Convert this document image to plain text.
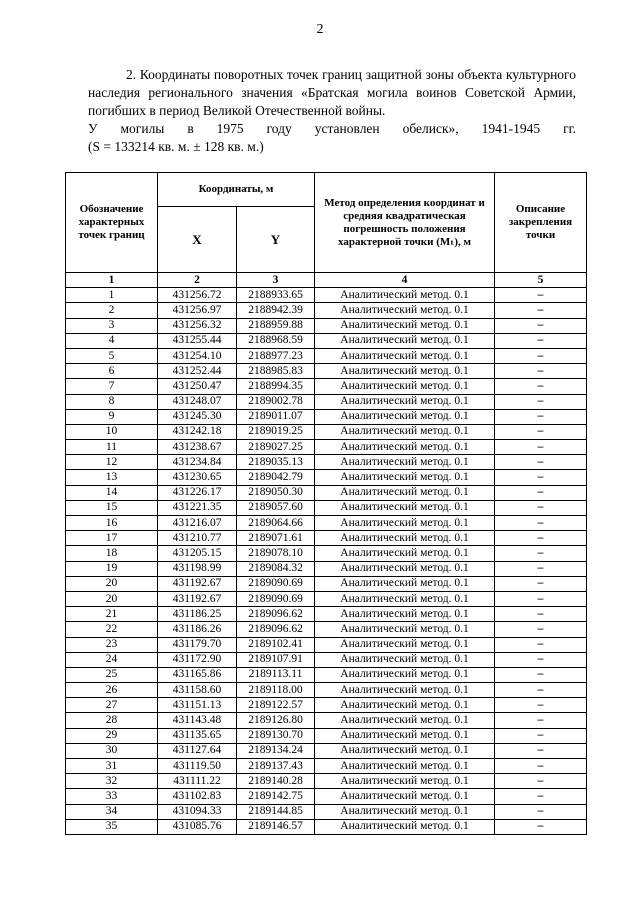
2

2. Координаты поворотных точек границ защитной зоны объекта культурного наследия регионального значения «Братская могила воинов Советской Армии, погибших в период Великой Отечественной войны.

У могилы в 1975 году установлен обелиск», 1941-1945 гг.

(S = 133214 кв. м. ± 128 кв. м.)

Обозначение характерных точек границ	Координаты, м		Метод определения координат и средняя квадратическая погрешность положения характерной точки (Mₜ), м	Описание закрепления точки
	X	Y		
1	2	3	4	5
1	431256.72	2188933.65	Аналитический метод. 0.1	–
2	431256.97	2188942.39	Аналитический метод. 0.1	–
3	431256.32	2188959.88	Аналитический метод. 0.1	–
4	431255.44	2188968.59	Аналитический метод. 0.1	–
5	431254.10	2188977.23	Аналитический метод. 0.1	–
6	431252.44	2188985.83	Аналитический метод. 0.1	–
7	431250.47	2188994.35	Аналитический метод. 0.1	–
8	431248.07	2189002.78	Аналитический метод. 0.1	–
9	431245.30	2189011.07	Аналитический метод. 0.1	–
10	431242.18	2189019.25	Аналитический метод. 0.1	–
11	431238.67	2189027.25	Аналитический метод. 0.1	–
12	431234.84	2189035.13	Аналитический метод. 0.1	–
13	431230.65	2189042.79	Аналитический метод. 0.1	–
14	431226.17	2189050.30	Аналитический метод. 0.1	–
15	431221.35	2189057.60	Аналитический метод. 0.1	–
16	431216.07	2189064.66	Аналитический метод. 0.1	–
17	431210.77	2189071.61	Аналитический метод. 0.1	–
18	431205.15	2189078.10	Аналитический метод. 0.1	–
19	431198.99	2189084.32	Аналитический метод. 0.1	–
20	431192.67	2189090.69	Аналитический метод. 0.1	–
20	431192.67	2189090.69	Аналитический метод. 0.1	–
21	431186.25	2189096.62	Аналитический метод. 0.1	–
22	431186.26	2189096.62	Аналитический метод. 0.1	–
23	431179.70	2189102.41	Аналитический метод. 0.1	–
24	431172.90	2189107.91	Аналитический метод. 0.1	–
25	431165.86	2189113.11	Аналитический метод. 0.1	–
26	431158.60	2189118.00	Аналитический метод. 0.1	–
27	431151.13	2189122.57	Аналитический метод. 0.1	–
28	431143.48	2189126.80	Аналитический метод. 0.1	–
29	431135.65	2189130.70	Аналитический метод. 0.1	–
30	431127.64	2189134.24	Аналитический метод. 0.1	–
31	431119.50	2189137.43	Аналитический метод. 0.1	–
32	431111.22	2189140.28	Аналитический метод. 0.1	–
33	431102.83	2189142.75	Аналитический метод. 0.1	–
34	431094.33	2189144.85	Аналитический метод. 0.1	–
35	431085.76	2189146.57	Аналитический метод. 0.1	–
